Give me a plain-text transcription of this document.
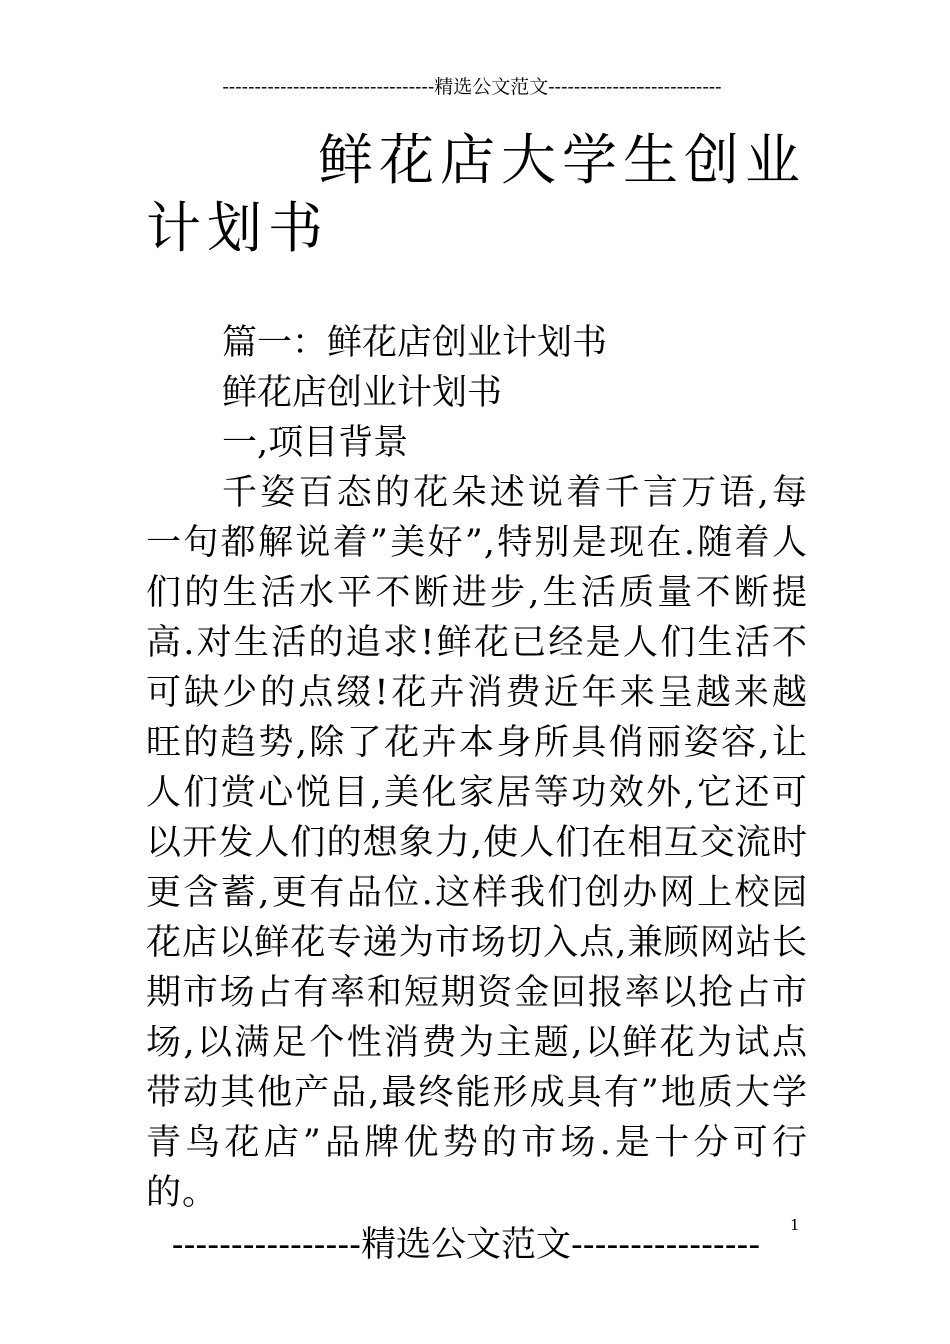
---------------------------------精选公文范文---------------------------
鲜花店大学生创业
计划书

篇一：鲜花店创业计划书

鲜花店创业计划书

一,项目背景

千姿百态的花朵述说着千言万语,每一句都解说着”美好”,特别是现在.随着人们的生活水平不断进步,生活质量不断提高.对生活的追求!鲜花已经是人们生活不可缺少的点缀!花卉消费近年来呈越来越旺的趋势,除了花卉本身所具俏丽姿容,让人们赏心悦目,美化家居等功效外,它还可以开发人们的想象力,使人们在相互交流时更含蓄,更有品位.这样我们创办网上校园花店以鲜花专递为市场切入点,兼顾网站长期市场占有率和短期资金回报率以抢占市场,以满足个性消费为主题,以鲜花为试点带动其他产品,最终能形成具有”地质大学青鸟花店”品牌优势的市场.是十分可行的。

----------------精选公文范文----------------	1
